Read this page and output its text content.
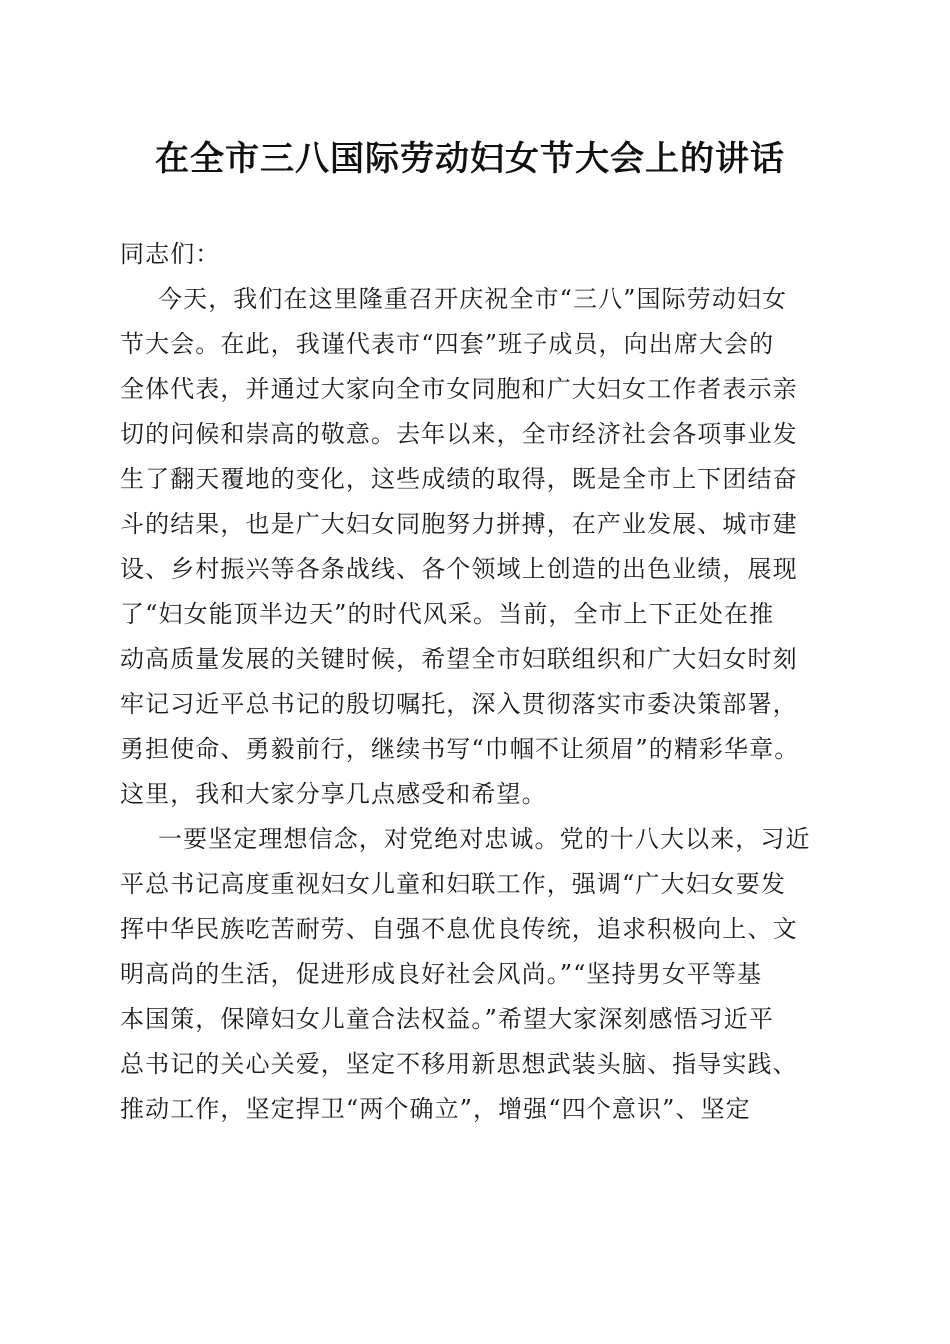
在全市三八国际劳动妇女节大会上的讲话
同志们：
今天，我们在这里隆重召开庆祝全市“三八”国际劳动妇女
节大会。在此，我谨代表市“四套”班子成员，向出席大会的
全体代表，并通过大家向全市女同胞和广大妇女工作者表示亲
切的问候和崇高的敬意。去年以来，全市经济社会各项事业发
生了翻天覆地的变化，这些成绩的取得，既是全市上下团结奋
斗的结果，也是广大妇女同胞努力拼搏，在产业发展、城市建
设、乡村振兴等各条战线、各个领域上创造的出色业绩，展现
了“妇女能顶半边天”的时代风采。当前，全市上下正处在推
动高质量发展的关键时候，希望全市妇联组织和广大妇女时刻
牢记习近平总书记的殷切嘱托，深入贯彻落实市委决策部署，
勇担使命、勇毅前行，继续书写“巾帼不让须眉”的精彩华章。
这里，我和大家分享几点感受和希望。
一要坚定理想信念，对党绝对忠诚。党的十八大以来，习近
平总书记高度重视妇女儿童和妇联工作，强调“广大妇女要发
挥中华民族吃苦耐劳、自强不息优良传统，追求积极向上、文
明高尚的生活，促进形成良好社会风尚。”“坚持男女平等基
本国策，保障妇女儿童合法权益。”希望大家深刻感悟习近平
总书记的关心关爱，坚定不移用新思想武装头脑、指导实践、
推动工作，坚定捍卫“两个确立”，增强“四个意识”、坚定
